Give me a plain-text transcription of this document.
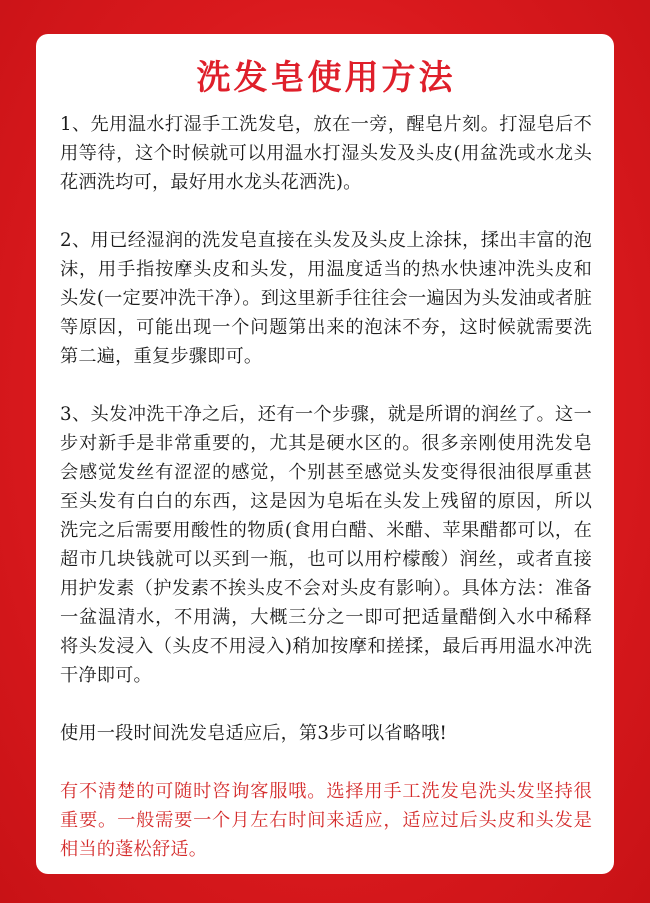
洗发皂使用方法

1、先用温水打湿手工洗发皂，放在一旁，醒皂片刻。打湿皂后不用等待，这个时候就可以用温水打湿头发及头皮(用盆洗或水龙头花洒洗均可，最好用水龙头花洒洗)。

2、用已经湿润的洗发皂直接在头发及头皮上涂抹，揉出丰富的泡沫，用手指按摩头皮和头发，用温度适当的热水快速冲洗头皮和头发(一定要冲洗干净）。到这里新手往往会一遍因为头发油或者脏等原因，可能出现一个问题第出来的泡沫不夯，这时候就需要洗第二遍，重复步骤即可。

3、头发冲洗干净之后，还有一个步骤，就是所谓的润丝了。这一步对新手是非常重要的，尤其是硬水区的。很多亲刚使用洗发皂会感觉发丝有涩涩的感觉，个别甚至感觉头发变得很油很厚重甚至头发有白白的东西，这是因为皂垢在头发上残留的原因，所以洗完之后需要用酸性的物质(食用白醋、米醋、苹果醋都可以，在超市几块钱就可以买到一瓶，也可以用柠檬酸）润丝，或者直接用护发素（护发素不挨头皮不会对头皮有影响）。具体方法：准备一盆温清水，不用满，大概三分之一即可把适量醋倒入水中稀释将头发浸入（头皮不用浸入)稍加按摩和搓揉，最后再用温水冲洗干净即可。

使用一段时间洗发皂适应后，第3步可以省略哦!

有不清楚的可随时咨询客服哦。选择用手工洗发皂洗头发坚持很重要。一般需要一个月左右时间来适应，适应过后头皮和头发是相当的蓬松舒适。
